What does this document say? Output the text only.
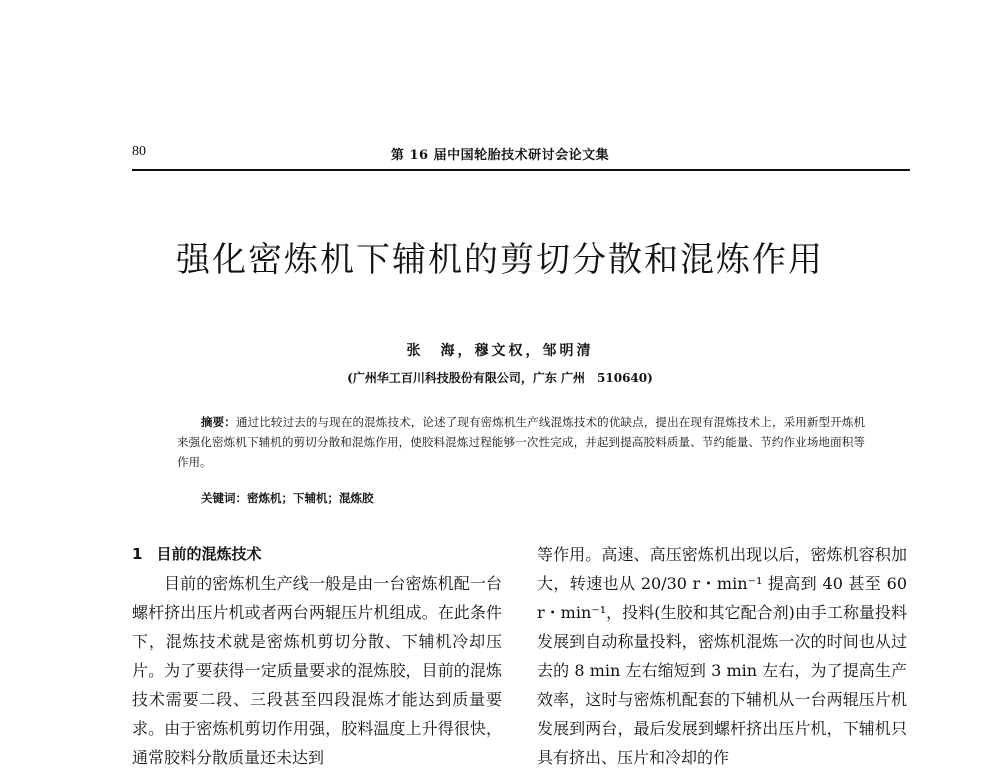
80	第 16 届中国轮胎技术研讨会论文集
强化密炼机下辅机的剪切分散和混炼作用
张　海，穆文权，邹明清
(广州华工百川科技股份有限公司，广东 广州　510640)

摘要：通过比较过去的与现在的混炼技术，论述了现有密炼机生产线混炼技术的优缺点，提出在现有混炼技术上，采用新型开炼机来强化密炼机下辅机的剪切分散和混炼作用，使胶料混炼过程能够一次性完成，并起到提高胶料质量、节约能量、节约作业场地面积等作用。

关键词：密炼机；下辅机；混炼胶
1 目前的混炼技术

目前的密炼机生产线一般是由一台密炼机配一台螺杆挤出压片机或者两台两辊压片机组成。在此条件下，混炼技术就是密炼机剪切分散、下辅机冷却压片。为了要获得一定质量要求的混炼胶，目前的混炼技术需要二段、三段甚至四段混炼才能达到质量要求。由于密炼机剪切作用强，胶料温度上升得很快，通常胶料分散质量还未达到

等作用。高速、高压密炼机出现以后，密炼机容积加大，转速也从 20/30 r・min⁻¹ 提高到 40 甚至 60 r・min⁻¹，投料(生胶和其它配合剂)由手工称量投料发展到自动称量投料，密炼机混炼一次的时间也从过去的 8 min 左右缩短到 3 min 左右，为了提高生产效率，这时与密炼机配套的下辅机从一台两辊压片机发展到两台，最后发展到螺杆挤出压片机，下辅机只具有挤出、压片和冷却的作
